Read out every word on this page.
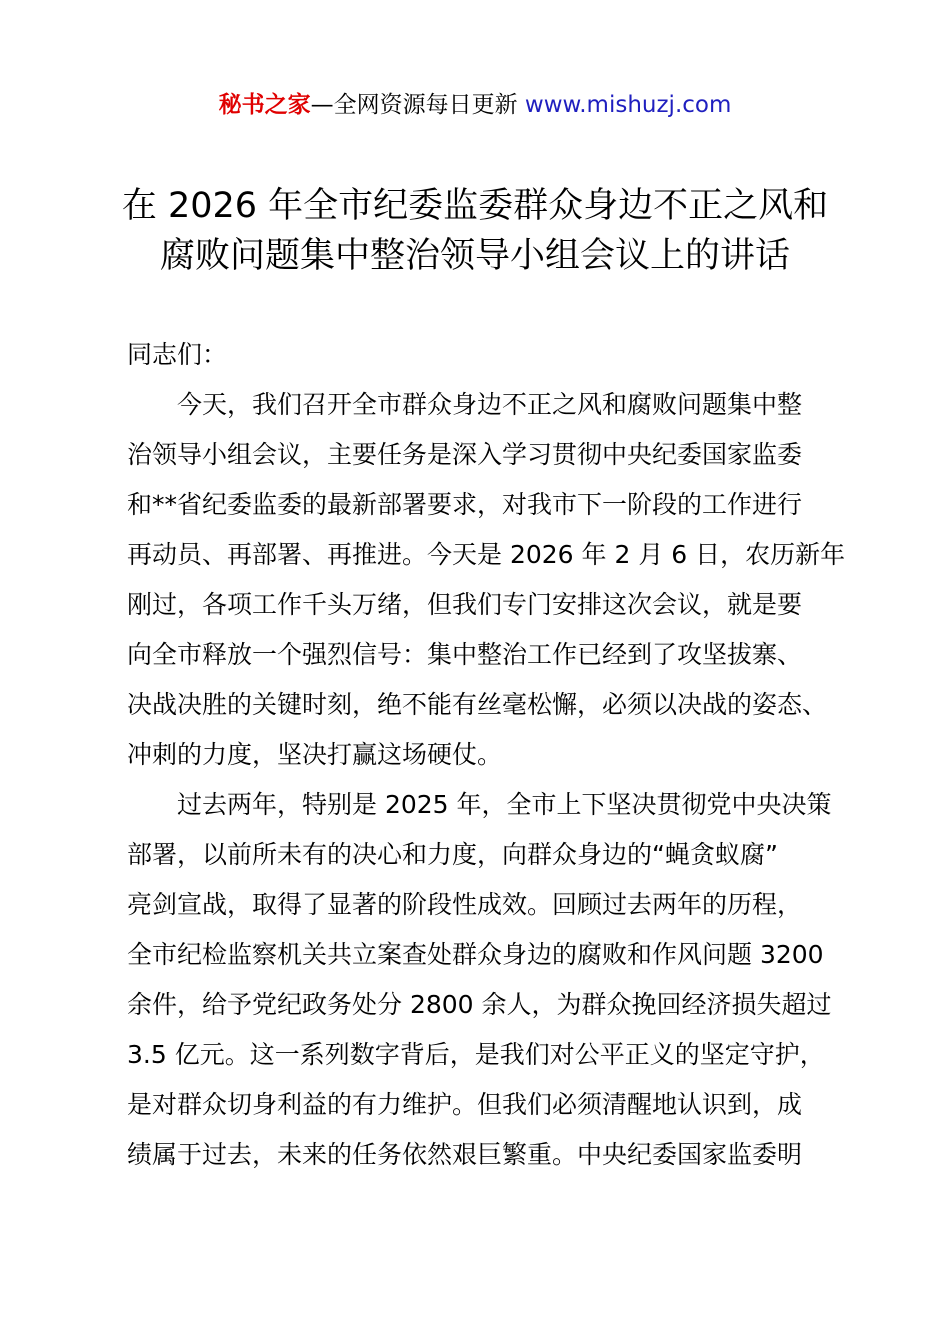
秘书之家—全网资源每日更新 www.mishuzj.com
在 2026 年全市纪委监委群众身边不正之风和
腐败问题集中整治领导小组会议上的讲话

同志们：

今天，我们召开全市群众身边不正之风和腐败问题集中整
治领导小组会议，主要任务是深入学习贯彻中央纪委国家监委
和**省纪委监委的最新部署要求，对我市下一阶段的工作进行
再动员、再部署、再推进。今天是 2026 年 2 月 6 日，农历新年
刚过，各项工作千头万绪，但我们专门安排这次会议，就是要
向全市释放一个强烈信号：集中整治工作已经到了攻坚拔寨、
决战决胜的关键时刻，绝不能有丝毫松懈，必须以决战的姿态、
冲刺的力度，坚决打赢这场硬仗。

过去两年，特别是 2025 年，全市上下坚决贯彻党中央决策
部署，以前所未有的决心和力度，向群众身边的“蝇贪蚁腐”
亮剑宣战，取得了显著的阶段性成效。回顾过去两年的历程，
全市纪检监察机关共立案查处群众身边的腐败和作风问题 3200
余件，给予党纪政务处分 2800 余人，为群众挽回经济损失超过
3.5 亿元。这一系列数字背后，是我们对公平正义的坚定守护，
是对群众切身利益的有力维护。但我们必须清醒地认识到，成
绩属于过去，未来的任务依然艰巨繁重。中央纪委国家监委明
